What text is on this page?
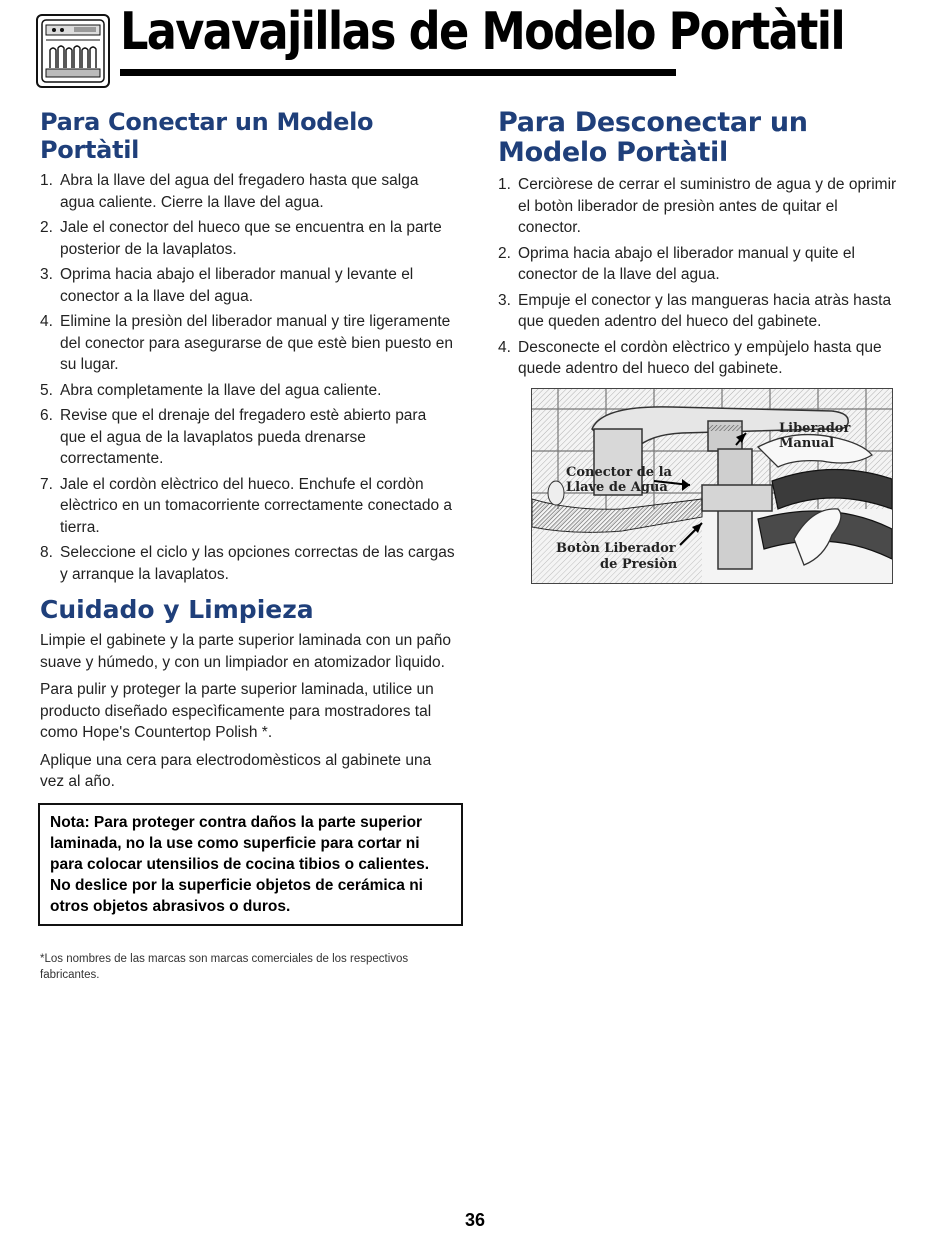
Lavavajillas de Modelo Portàtil
Para Conectar un Modelo Portàtil
1. Abra la llave del agua del fregadero hasta que salga agua caliente. Cierre la llave del agua.
2. Jale el conector del hueco que se encuentra en la parte posterior de la lavaplatos.
3. Oprima hacia abajo el liberador manual y levante el conector a la llave del agua.
4. Elimine la presiòn del liberador manual y tire ligeramente del conector para asegurarse de que estè bien puesto en su lugar.
5. Abra completamente la llave del agua caliente.
6. Revise que el drenaje del fregadero estè abierto para que el agua de la lavaplatos pueda drenarse correctamente.
7. Jale el cordòn elèctrico del hueco. Enchufe el cordòn elèctrico en un tomacorriente correctamente conectado a tierra.
8. Seleccione el ciclo y las opciones correctas de las cargas y arranque la lavaplatos.
Cuidado y Limpieza

Limpie el gabinete y la parte superior laminada con un paño suave y húmedo, y con un limpiador en atomizador lìquido.

Para pulir y proteger la parte superior laminada, utilice un producto diseñado especìficamente para mostradores tal como Hope's Countertop Polish *.

Aplique una cera para electrodomèsticos al gabinete una vez al año.

Nota: Para proteger contra daños la parte superior laminada, no la use como superficie para cortar ni para colocar utensilios de cocina tibios o calientes. No deslice por la superficie objetos de cerámica ni otros objetos abrasivos o duros.
*Los nombres de las marcas son marcas comerciales de los respectivos fabricantes.
Para Desconectar un Modelo Portàtil
1. Cerciòrese de cerrar el suministro de agua y de oprimir el botòn liberador de presiòn antes de quitar el conector.
2. Oprima hacia abajo el liberador manual y quite el conector de la llave del agua.
3. Empuje el conector y las mangueras hacia atràs hasta que queden adentro del hueco del gabinete.
4. Desconecte el cordòn elèctrico y empùjelo hasta que quede adentro del hueco del gabinete.
Liberador
Manual
Conector de la
Llave de Agua
Botòn Liberador
de Presiòn
36
